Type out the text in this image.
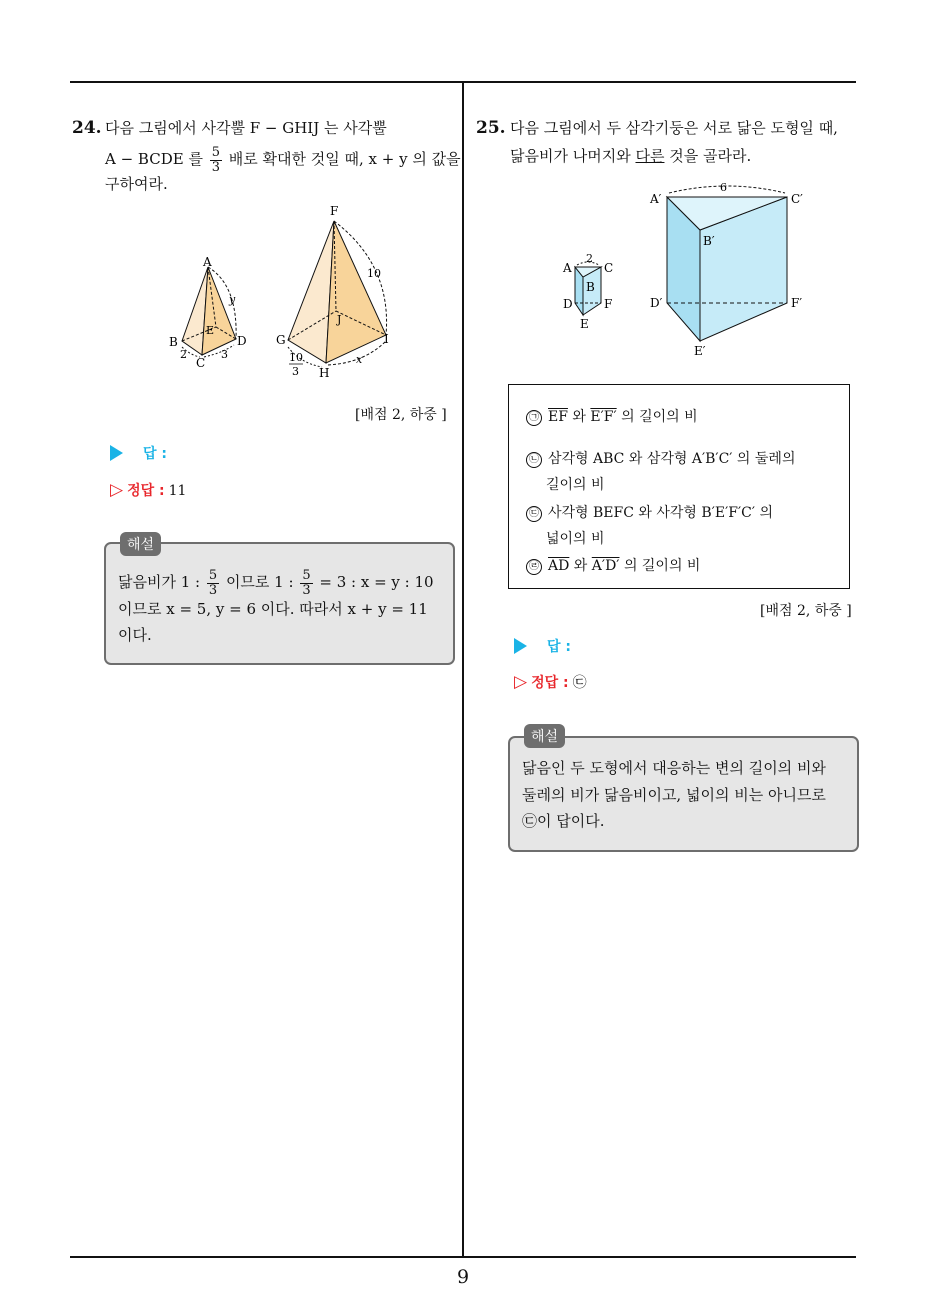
9
24. 다음 그림에서 사각뿔 F − GHIJ 는 사각뿔
A − BCDE 를 $\frac{5}{3}$ 배로 확대한 것일 때, x + y 의 값을
구하여라.
A
B
C
D
E
y
2	3
F
G
H
I
J
10
x
10
3
[배점 2, 하중 ]
답 :
▷ 정답 : 11
해설
닮음비가 1 : $\frac{5}{3}$ 이므로 1 : $\frac{5}{3} = 3$ : x = y : 10
이므로 x = 5, y = 6 이다. 따라서 x + y = 11
이다.
25. 다음 그림에서 두 삼각기둥은 서로 닮은 도형일 때,
닮음비가 나머지와 다른 것을 골라라.
A
B
C
D
E
F
2
A′
B′
C′
D′
E′
F′
6
㉠ $\overline{EF}$ 와 E′F′ 의 길이의 비
㉡ 삼각형 ABC 와 삼각형 A′B′C′ 의 둘레의
길이의 비
㉢ 사각형 BEFC 와 사각형 B′E′F′C′ 의
넓이의 비
㉣ $\overline{AD}$ 와 A′D′ 의 길이의 비
[배점 2, 하중 ]
답 :
▷ 정답 : ㉢
해설
닮음인 두 도형에서 대응하는 변의 길이의 비와
둘레의 비가 닮음비이고, 넓이의 비는 아니므로
㉢이 답이다.
